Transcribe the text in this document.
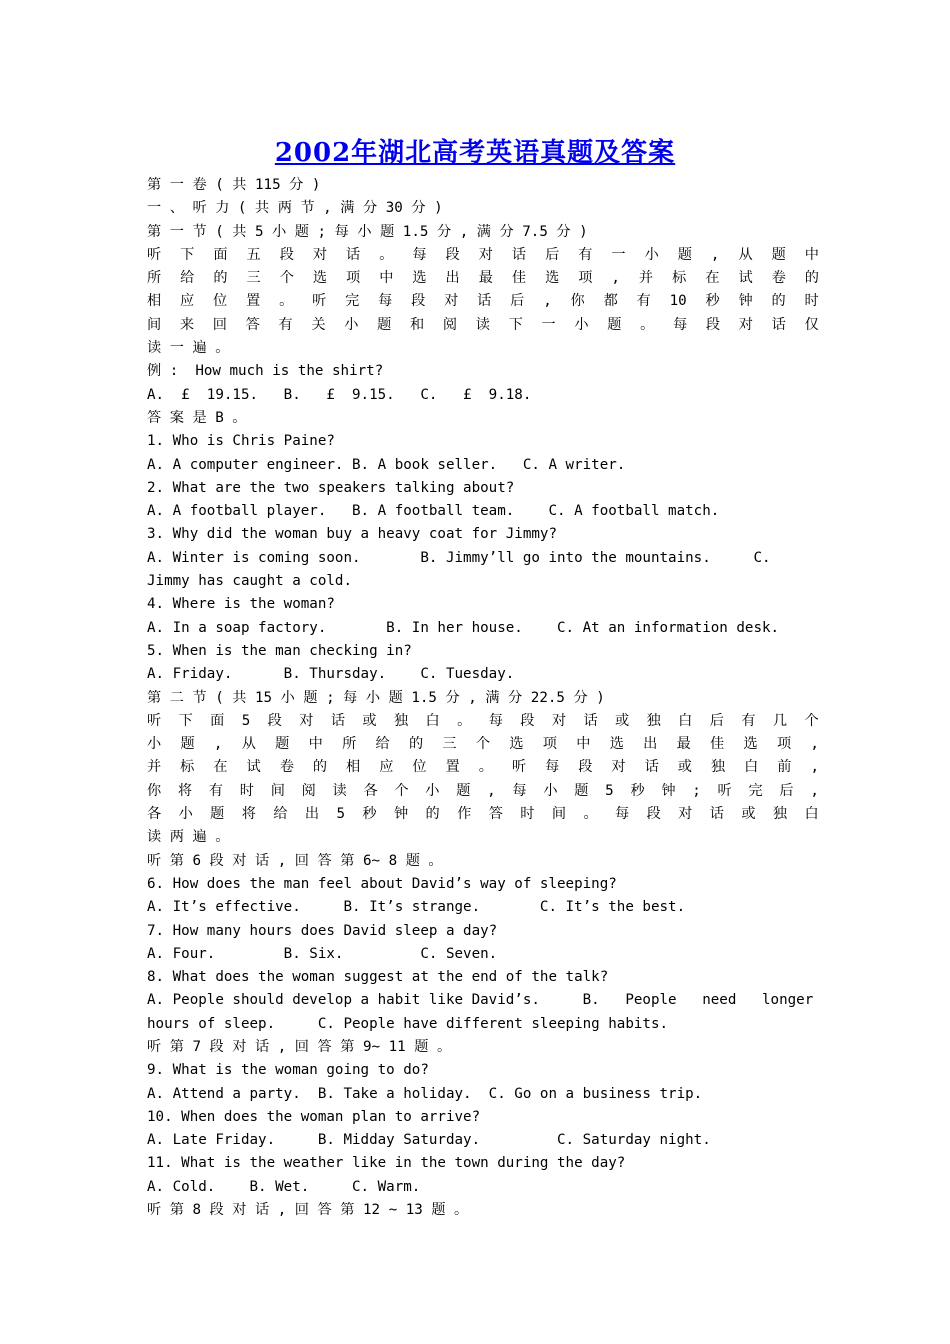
2002年湖北高考英语真题及答案
第 一 卷 ( 共 115 分 )
一 、 听 力 ( 共 两 节 , 满 分 30 分 )
第 一 节 ( 共 5 小 题 ; 每 小 题 1.5 分 , 满 分 7.5 分 )
听 下 面 五 段 对 话 。 每 段 对 话 后 有 一 小 题 , 从 题 中
所 给 的 三 个 选 项 中 选 出 最 佳 选 项 , 并 标 在 试 卷 的
相 应 位 置 。 听 完 每 段 对 话 后 , 你 都 有 10 秒 钟 的 时
间 来 回 答 有 关 小 题 和 阅 读 下 一 小 题 。 每 段 对 话 仅
读 一 遍 。
例 :  How much is the shirt?
A.  £  19.15.   B.   £  9.15.   C.   £  9.18.
答 案 是 B 。
1. Who is Chris Paine?
A. A computer engineer. B. A book seller.   C. A writer.
2. What are the two speakers talking about?
A. A football player.   B. A football team.    C. A football match.
3. Why did the woman buy a heavy coat for Jimmy?
A. Winter is coming soon.       B. Jimmy’ll go into the mountains.     C.
Jimmy has caught a cold.
4. Where is the woman?
A. In a soap factory.       B. In her house.    C. At an information desk.
5. When is the man checking in?
A. Friday.      B. Thursday.    C. Tuesday.
第 二 节 ( 共 15 小 题 ; 每 小 题 1.5 分 , 满 分 22.5 分 )
听 下 面 5 段 对 话 或 独 白 。 每 段 对 话 或 独 白 后 有 几 个
小 题 , 从 题 中 所 给 的 三 个 选 项 中 选 出 最 佳 选 项 ,
并 标 在 试 卷 的 相 应 位 置 。 听 每 段 对 话 或 独 白 前 ,
你 将 有 时 间 阅 读 各 个 小 题 , 每 小 题 5 秒 钟 ; 听 完 后 ,
各 小 题 将 给 出 5 秒 钟 的 作 答 时 间 。 每 段 对 话 或 独 白
读 两 遍 。
听 第 6 段 对 话 , 回 答 第 6~ 8 题 。
6. How does the man feel about David’s way of sleeping?
A. It’s effective.     B. It’s strange.       C. It’s the best.
7. How many hours does David sleep a day?
A. Four.        B. Six.         C. Seven.
8. What does the woman suggest at the end of the talk?
A. People should develop a habit like David’s.     B.   People   need   longer
hours of sleep.     C. People have different sleeping habits.
听 第 7 段 对 话 , 回 答 第 9~ 11 题 。
9. What is the woman going to do?
A. Attend a party.  B. Take a holiday.  C. Go on a business trip.
10. When does the woman plan to arrive?
A. Late Friday.     B. Midday Saturday.         C. Saturday night.
11. What is the weather like in the town during the day?
A. Cold.    B. Wet.     C. Warm.
听 第 8 段 对 话 , 回 答 第 12 ~ 13 题 。
